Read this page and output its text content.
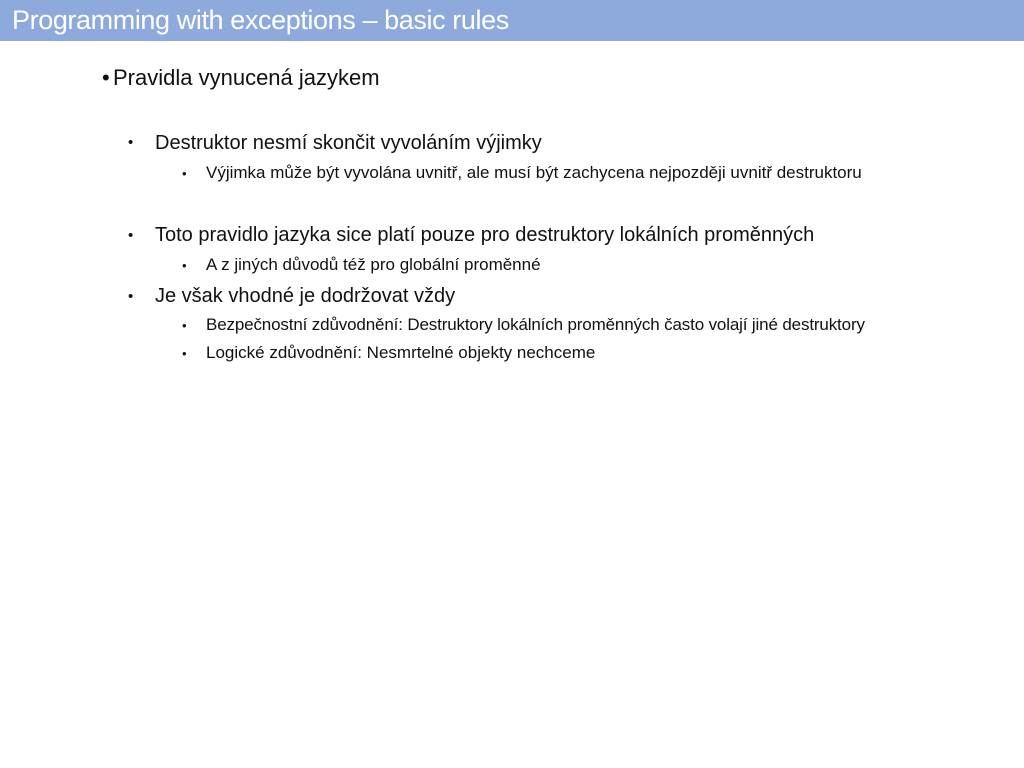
Programming with exceptions – basic rules
• Pravidla vynucená jazykem
• Destruktor nesmí skončit vyvoláním výjimky
• Výjimka může být vyvolána uvnitř, ale musí být zachycena nejpozději uvnitř destruktoru
• Toto pravidlo jazyka sice platí pouze pro destruktory lokálních proměnných
• A z jiných důvodů též pro globální proměnné
• Je však vhodné je dodržovat vždy
• Bezpečnostní zdůvodnění: Destruktory lokálních proměnných často volají jiné destruktory
• Logické zdůvodnění: Nesmrtelné objekty nechceme
